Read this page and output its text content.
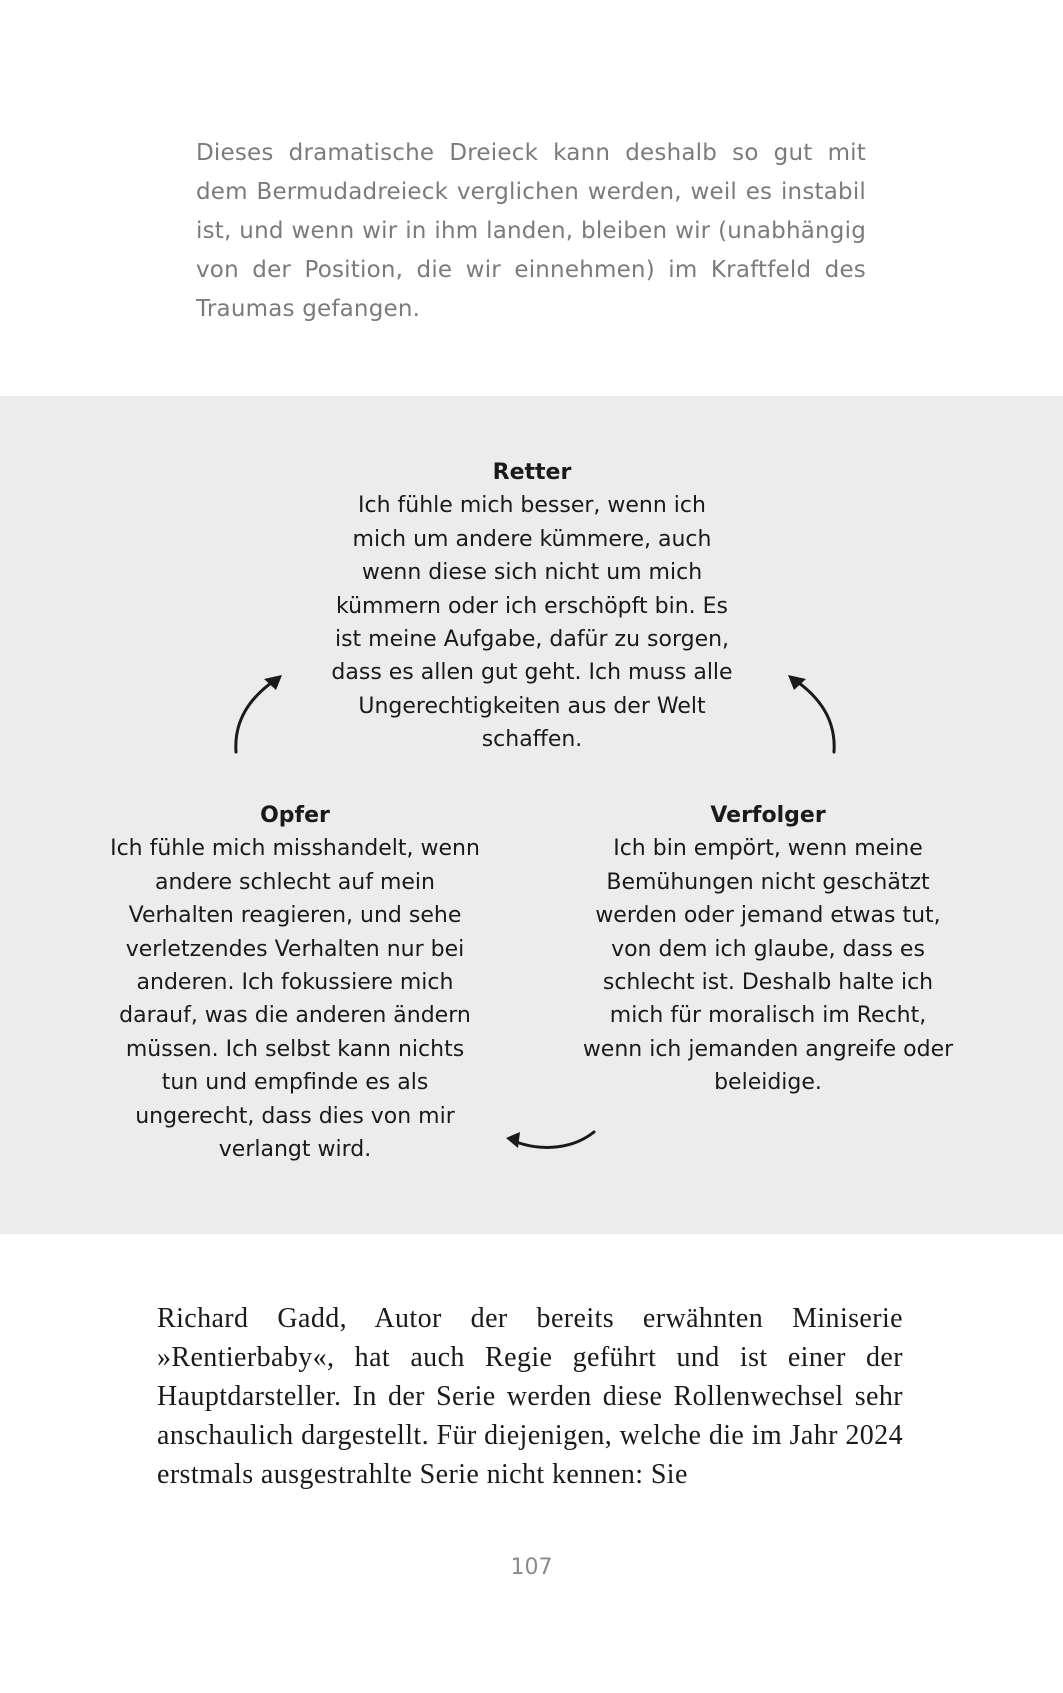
Dieses dramatische Dreieck kann deshalb so gut mit dem Bermudadreieck verglichen werden, weil es instabil ist, und wenn wir in ihm landen, bleiben wir (unabhängig von der Position, die wir einnehmen) im Kraftfeld des Traumas gefangen.

Retter
Ich fühle mich besser, wenn ich mich um andere kümmere, auch wenn diese sich nicht um mich kümmern oder ich erschöpft bin. Es ist meine Aufgabe, dafür zu sorgen, dass es allen gut geht. Ich muss alle Ungerechtigkeiten aus der Welt schaffen.
Opfer
Ich fühle mich misshandelt, wenn andere schlecht auf mein Verhalten reagieren, und sehe verletzendes Verhalten nur bei anderen. Ich fokussiere mich darauf, was die anderen ändern müssen. Ich selbst kann nichts tun und empfinde es als ungerecht, dass dies von mir verlangt wird.
Verfolger
Ich bin empört, wenn meine Bemühungen nicht geschätzt werden oder jemand etwas tut, von dem ich glaube, dass es schlecht ist. Deshalb halte ich mich für moralisch im Recht, wenn ich jemanden angreife oder beleidige.

Richard Gadd, Autor der bereits erwähnten Miniserie »Rentierbaby«, hat auch Regie geführt und ist einer der Hauptdarsteller. In der Serie werden diese Rollenwechsel sehr anschaulich dargestellt. Für diejenigen, welche die im Jahr 2024 erstmals ausgestrahlte Serie nicht kennen: Sie

107
